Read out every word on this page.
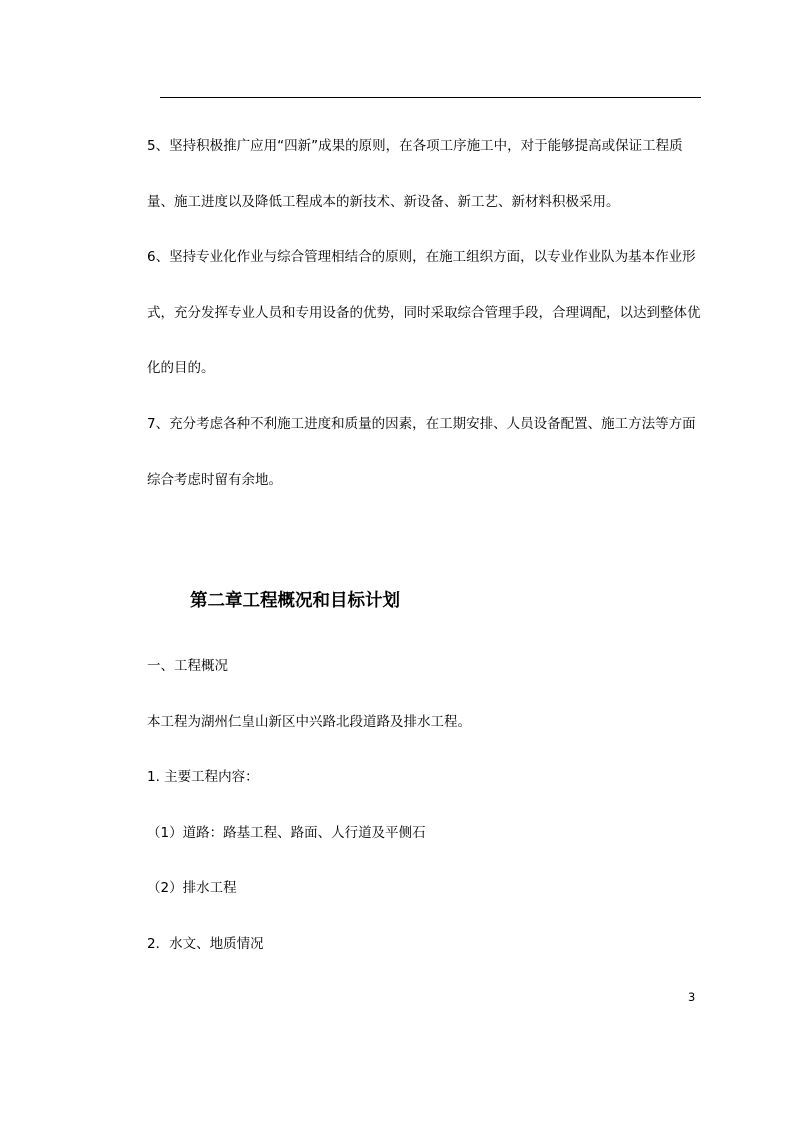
5、坚持积极推广应用“四新”成果的原则，在各项工序施工中，对于能够提高或保证工程质
量、施工进度以及降低工程成本的新技术、新设备、新工艺、新材料积极采用。
6、坚持专业化作业与综合管理相结合的原则，在施工组织方面，以专业作业队为基本作业形
式，充分发挥专业人员和专用设备的优势，同时采取综合管理手段，合理调配，以达到整体优
化的目的。
7、充分考虑各种不利施工进度和质量的因素，在工期安排、人员设备配置、施工方法等方面
综合考虑时留有余地。
第二章工程概况和目标计划
一、工程概况
本工程为湖州仁皇山新区中兴路北段道路及排水工程。
1. 主要工程内容：
（1）道路：路基工程、路面、人行道及平侧石
（2）排水工程
2．水文、地质情况
3
